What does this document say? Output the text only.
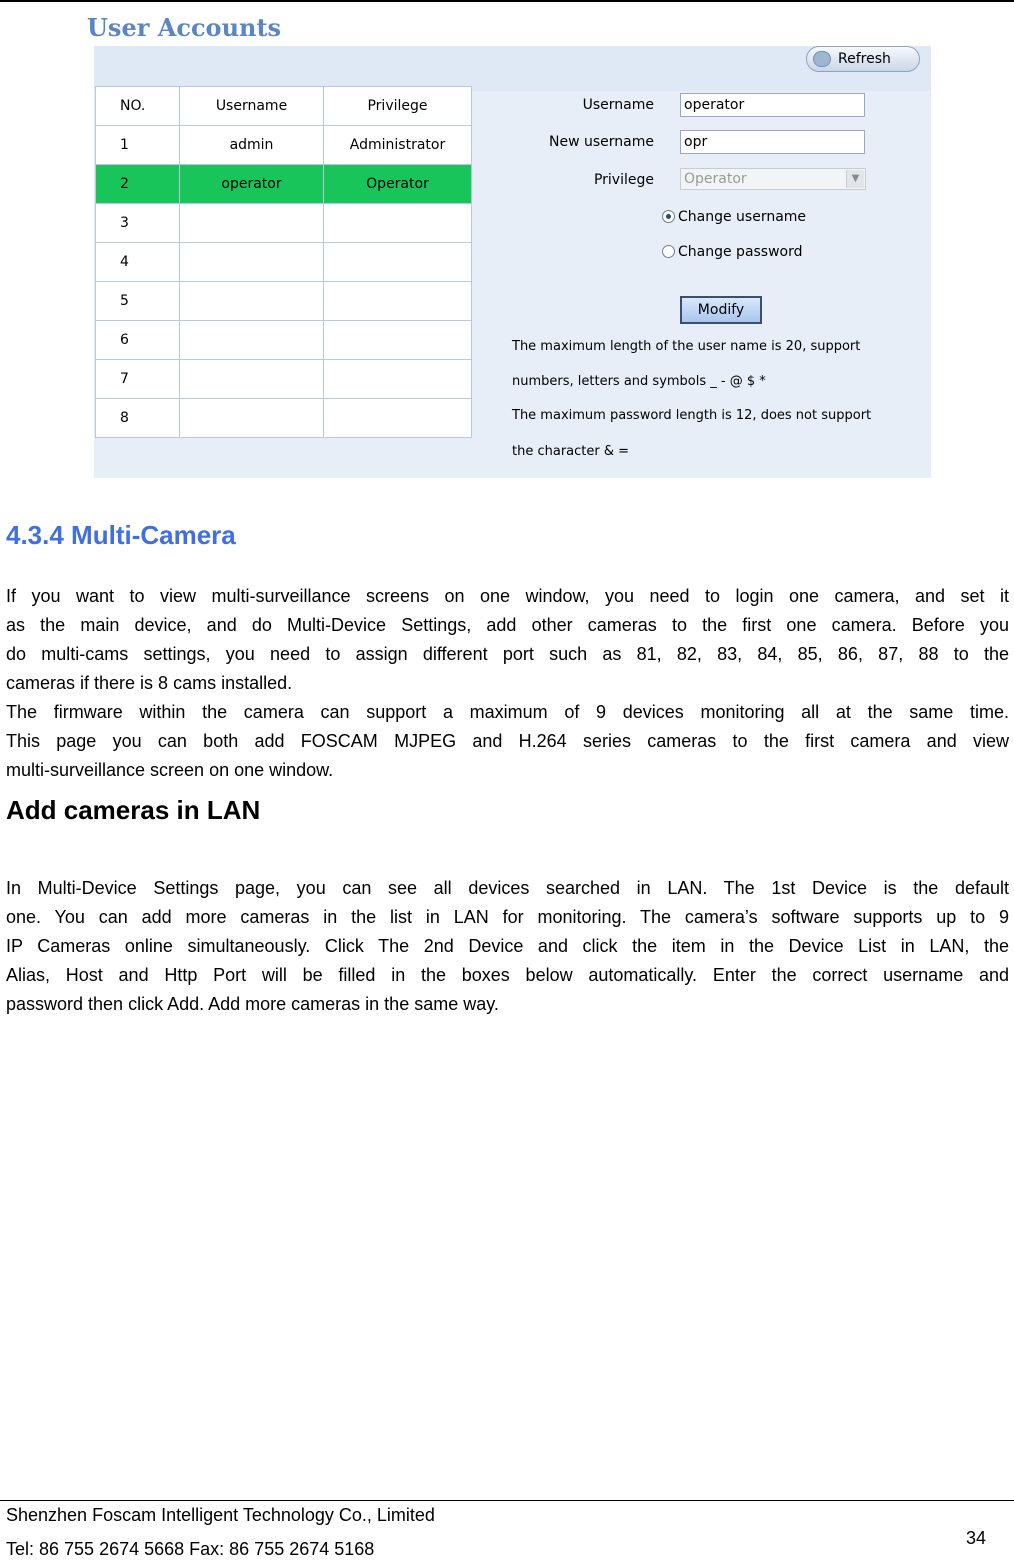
User Accounts
Refresh
NO.	Username	Privilege
1	admin	Administrator
2	operator	Operator
3		
4		
5		
6		
7		
8		
Username operator
New username opr
Privilege Operator	▼
Change username
Change password
Modify
The maximum length of the user name is 20, support
numbers, letters and symbols _ - @ $ *
The maximum password length is 12, does not support
the character & =
4.3.4 Multi-Camera
If you want to view multi-surveillance screens on one window, you need to login one camera, and set it
as the main device, and do Multi-Device Settings, add other cameras to the first one camera. Before you
do multi-cams settings, you need to assign different port such as 81, 82, 83, 84, 85, 86, 87, 88 to the
cameras if there is 8 cams installed.
The firmware within the camera can support a maximum of 9 devices monitoring all at the same time.
This page you can both add FOSCAM MJPEG and H.264 series cameras to the first camera and view
multi-surveillance screen on one window.
Add cameras in LAN
In Multi-Device Settings page, you can see all devices searched in LAN. The 1st Device is the default
one. You can add more cameras in the list in LAN for monitoring. The camera’s software supports up to 9
IP Cameras online simultaneously. Click The 2nd Device and click the item in the Device List in LAN, the
Alias, Host and Http Port will be filled in the boxes below automatically. Enter the correct username and
password then click Add. Add more cameras in the same way.
Shenzhen Foscam Intelligent Technology Co., Limited
Tel: 86 755 2674 5668 Fax: 86 755 2674 5168
34
